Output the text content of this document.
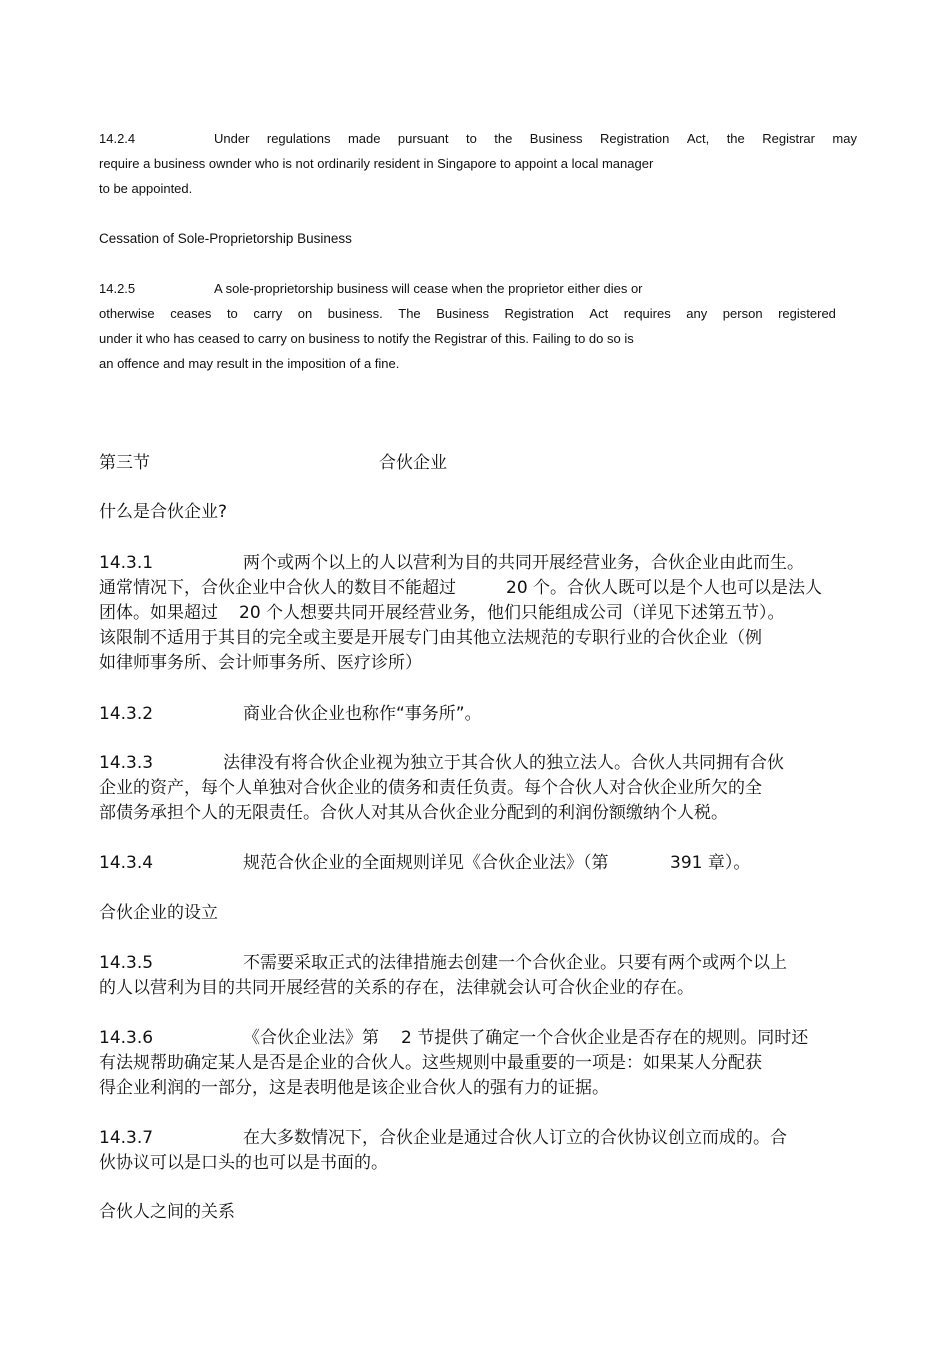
14.2.4	Under regulations made pursuant to the Business Registration Act, the Registrar may
require a business ownder who is not ordinarily resident in Singapore to appoint a local manager
to be appointed.
Cessation of Sole-Proprietorship Business
14.2.5	A sole-proprietorship business will cease when the proprietor either dies or
otherwise ceases to carry on business. The Business Registration Act requires any person registered
under it who has ceased to carry on business to notify the Registrar of this. Failing to do so is
an offence and may result in the imposition of a fine.
第三节	合伙企业
什么是合伙企业?
14.3.1	两个或两个以上的人以营利为目的共同开展经营业务，合伙企业由此而生。
通常情况下，合伙企业中合伙人的数目不能超过	20 个。合伙人既可以是个人也可以是法人
团体。如果超过 20 个人想要共同开展经营业务，他们只能组成公司（详见下述第五节）。
该限制不适用于其目的完全或主要是开展专门由其他立法规范的专职行业的合伙企业（例
如律师事务所、会计师事务所、医疗诊所）
14.3.2	商业合伙企业也称作“事务所”。
14.3.3	法律没有将合伙企业视为独立于其合伙人的独立法人。合伙人共同拥有合伙
企业的资产，每个人单独对合伙企业的债务和责任负责。每个合伙人对合伙企业所欠的全
部债务承担个人的无限责任。合伙人对其从合伙企业分配到的利润份额缴纳个人税。
14.3.4	规范合伙企业的全面规则详见《合伙企业法》（第	391 章）。
合伙企业的设立
14.3.5	不需要采取正式的法律措施去创建一个合伙企业。只要有两个或两个以上
的人以营利为目的共同开展经营的关系的存在，法律就会认可合伙企业的存在。
14.3.6	《合伙企业法》第 2 节提供了确定一个合伙企业是否存在的规则。同时还
有法规帮助确定某人是否是企业的合伙人。这些规则中最重要的一项是：如果某人分配获
得企业利润的一部分，这是表明他是该企业合伙人的强有力的证据。
14.3.7	在大多数情况下，合伙企业是通过合伙人订立的合伙协议创立而成的。合
伙协议可以是口头的也可以是书面的。
合伙人之间的关系
